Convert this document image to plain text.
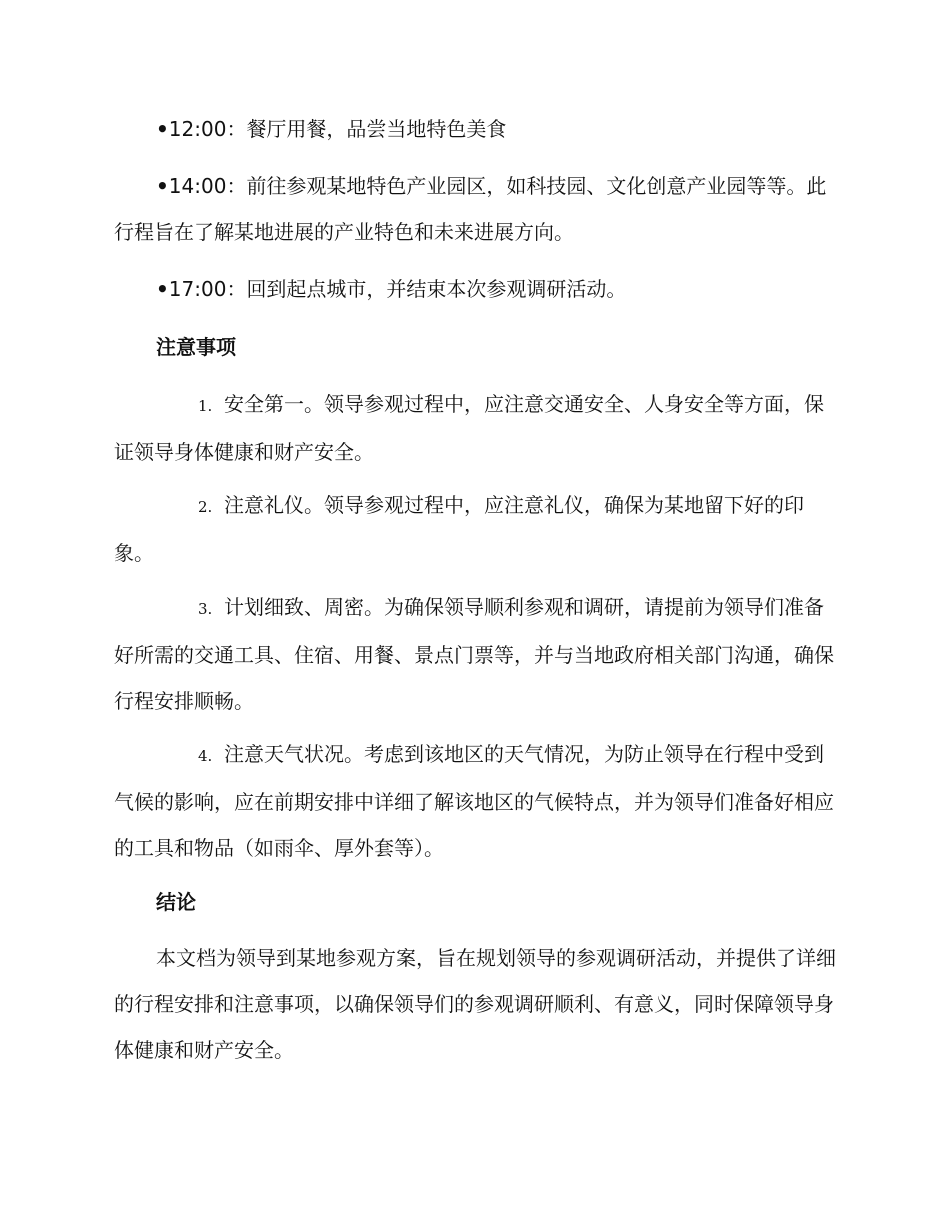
•12:00：餐厅用餐，品尝当地特色美食

•14:00：前往参观某地特色产业园区，如科技园、文化创意产业园等等。此行程旨在了解某地进展的产业特色和未来进展方向。

•17:00：回到起点城市，并结束本次参观调研活动。

注意事项

1. 安全第一。领导参观过程中，应注意交通安全、人身安全等方面，保证领导身体健康和财产安全。

2. 注意礼仪。领导参观过程中，应注意礼仪，确保为某地留下好的印象。

3. 计划细致、周密。为确保领导顺利参观和调研，请提前为领导们准备好所需的交通工具、住宿、用餐、景点门票等，并与当地政府相关部门沟通，确保行程安排顺畅。

4. 注意天气状况。考虑到该地区的天气情况，为防止领导在行程中受到气候的影响，应在前期安排中详细了解该地区的气候特点，并为领导们准备好相应的工具和物品（如雨伞、厚外套等）。

结论

本文档为领导到某地参观方案，旨在规划领导的参观调研活动，并提供了详细的行程安排和注意事项，以确保领导们的参观调研顺利、有意义，同时保障领导身体健康和财产安全。
